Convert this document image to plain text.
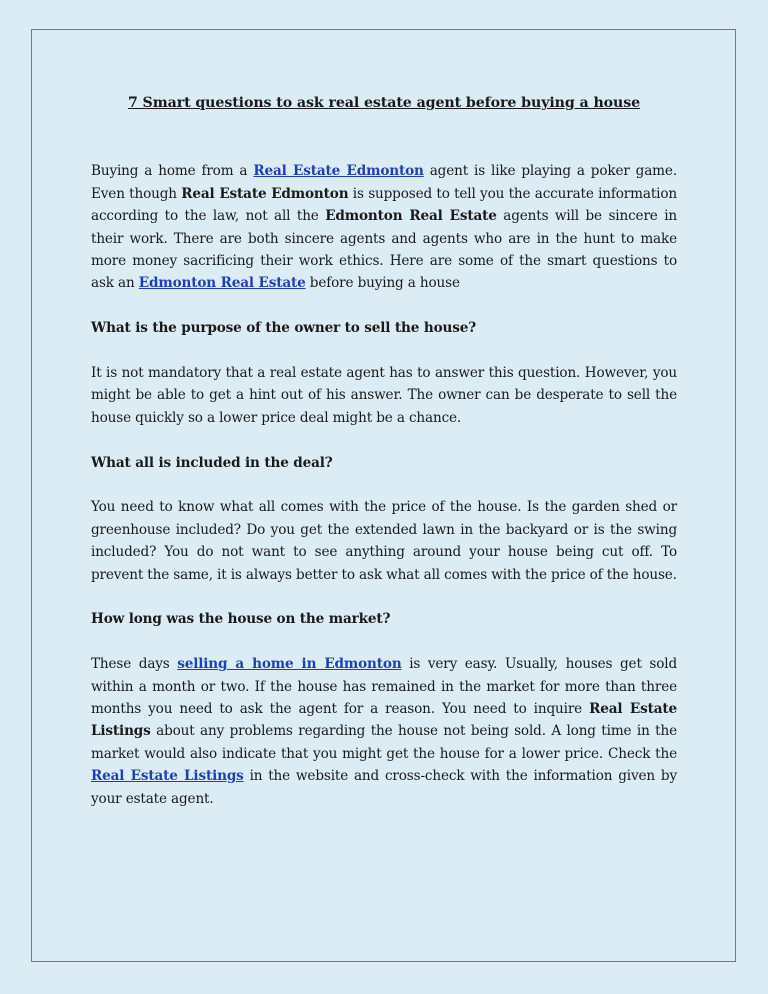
7 Smart questions to ask real estate agent before buying a house

Buying a home from a Real Estate Edmonton agent is like playing a poker game. Even though Real Estate Edmonton is supposed to tell you the accurate information according to the law, not all the Edmonton Real Estate agents will be sincere in their work. There are both sincere agents and agents who are in the hunt to make more money sacrificing their work ethics. Here are some of the smart questions to ask an Edmonton Real Estate before buying a house

What is the purpose of the owner to sell the house?

It is not mandatory that a real estate agent has to answer this question. However, you might be able to get a hint out of his answer. The owner can be desperate to sell the house quickly so a lower price deal might be a chance.

What all is included in the deal?

You need to know what all comes with the price of the house. Is the garden shed or greenhouse included? Do you get the extended lawn in the backyard or is the swing included? You do not want to see anything around your house being cut off. To prevent the same, it is always better to ask what all comes with the price of the house.

How long was the house on the market?

These days selling a home in Edmonton is very easy. Usually, houses get sold within a month or two. If the house has remained in the market for more than three months you need to ask the agent for a reason. You need to inquire Real Estate Listings about any problems regarding the house not being sold. A long time in the market would also indicate that you might get the house for a lower price. Check the Real Estate Listings in the website and cross-check with the information given by your estate agent.
